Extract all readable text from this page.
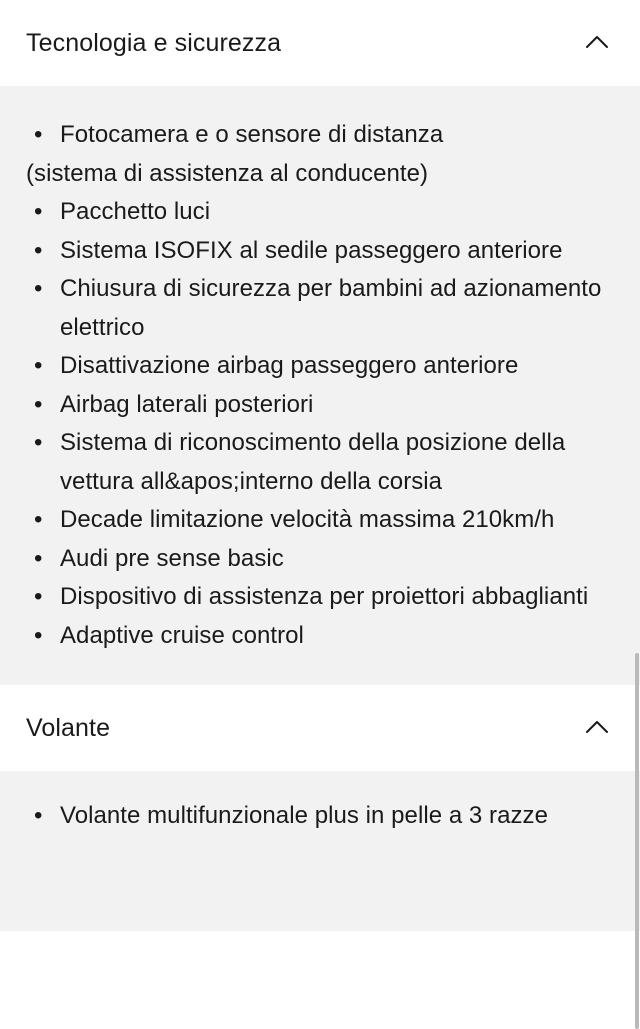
Tecnologia e sicurezza
• Fotocamera e o sensore di distanza
(sistema di assistenza al conducente)
• Pacchetto luci
• Sistema ISOFIX al sedile passeggero anteriore
• Chiusura di sicurezza per bambini ad azionamento elettrico
• Disattivazione airbag passeggero anteriore
• Airbag laterali posteriori
• Sistema di riconoscimento della posizione della vettura all&apos;interno della corsia
• Decade limitazione velocità massima 210km/h
• Audi pre sense basic
• Dispositivo di assistenza per proiettori abbaglianti
• Adaptive cruise control
Volante
• Volante multifunzionale plus in pelle a 3 razze
